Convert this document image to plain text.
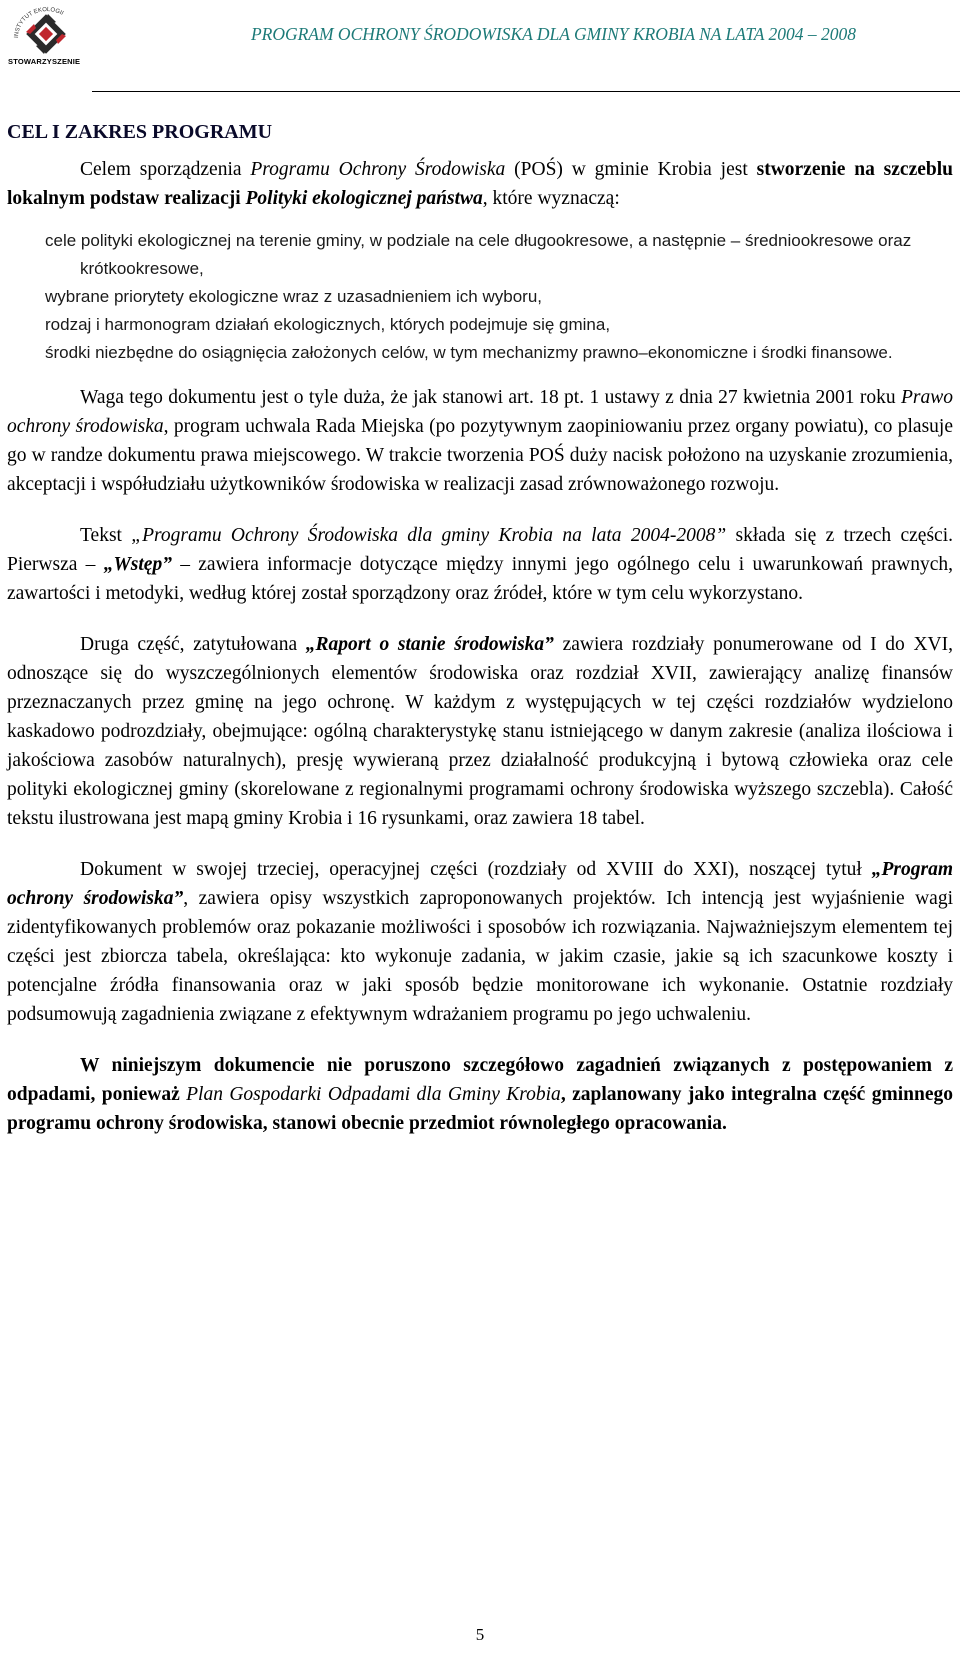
INSTYTUT EKOLOGII
STOWARZYSZENIE
PROGRAM OCHRONY ŚRODOWISKA DLA GMINY KROBIA NA LATA 2004 – 2008
CEL I ZAKRES PROGRAMU

Celem sporządzenia Programu Ochrony Środowiska (POŚ) w gminie Krobia jest stworzenie na szczeblu lokalnym podstaw realizacji Polityki ekologicznej państwa, które wyznaczą:

cele polityki ekologicznej na terenie gminy, w podziale na cele długookresowe, a następnie – średniookresowe oraz krótkookresowe,
wybrane priorytety ekologiczne wraz z uzasadnieniem ich wyboru,
rodzaj i harmonogram działań ekologicznych, których podejmuje się gmina,
środki niezbędne do osiągnięcia założonych celów, w tym mechanizmy prawno–ekonomiczne i środki finansowe.

Waga tego dokumentu jest o tyle duża, że jak stanowi art. 18 pt. 1 ustawy z dnia 27 kwietnia 2001 roku Prawo ochrony środowiska, program uchwala Rada Miejska (po pozytywnym zaopiniowaniu przez organy powiatu), co plasuje go w randze dokumentu prawa miejscowego. W trakcie tworzenia POŚ duży nacisk położono na uzyskanie zrozumienia, akceptacji i współudziału użytkowników środowiska w realizacji zasad zrównoważonego rozwoju.

Tekst „Programu Ochrony Środowiska dla gminy Krobia na lata 2004-2008” składa się z trzech części. Pierwsza – „Wstęp” – zawiera informacje dotyczące między innymi jego ogólnego celu i uwarunkowań prawnych, zawartości i metodyki, według której został sporządzony oraz źródeł, które w tym celu wykorzystano.

Druga część, zatytułowana „Raport o stanie środowiska” zawiera rozdziały ponumerowane od I do XVI, odnoszące się do wyszczególnionych elementów środowiska oraz rozdział XVII, zawierający analizę finansów przeznaczanych przez gminę na jego ochronę. W każdym z występujących w tej części rozdziałów wydzielono kaskadowo podrozdziały, obejmujące: ogólną charakterystykę stanu istniejącego w danym zakresie (analiza ilościowa i jakościowa zasobów naturalnych), presję wywieraną przez działalność produkcyjną i bytową człowieka oraz cele polityki ekologicznej gminy (skorelowane z regionalnymi programami ochrony środowiska wyższego szczebla). Całość tekstu ilustrowana jest mapą gminy Krobia i 16 rysunkami, oraz zawiera 18 tabel.

Dokument w swojej trzeciej, operacyjnej części (rozdziały od XVIII do XXI), noszącej tytuł „Program ochrony środowiska”, zawiera opisy wszystkich zaproponowanych projektów. Ich intencją jest wyjaśnienie wagi zidentyfikowanych problemów oraz pokazanie możliwości i sposobów ich rozwiązania. Najważniejszym elementem tej części jest zbiorcza tabela, określająca: kto wykonuje zadania, w jakim czasie, jakie są ich szacunkowe koszty i potencjalne źródła finansowania oraz w jaki sposób będzie monitorowane ich wykonanie. Ostatnie rozdziały podsumowują zagadnienia związane z efektywnym wdrażaniem programu po jego uchwaleniu.

W niniejszym dokumencie nie poruszono szczegółowo zagadnień związanych z postępowaniem z odpadami, ponieważ Plan Gospodarki Odpadami dla Gminy Krobia, zaplanowany jako integralna część gminnego programu ochrony środowiska, stanowi obecnie przedmiot równoległego opracowania.

5
